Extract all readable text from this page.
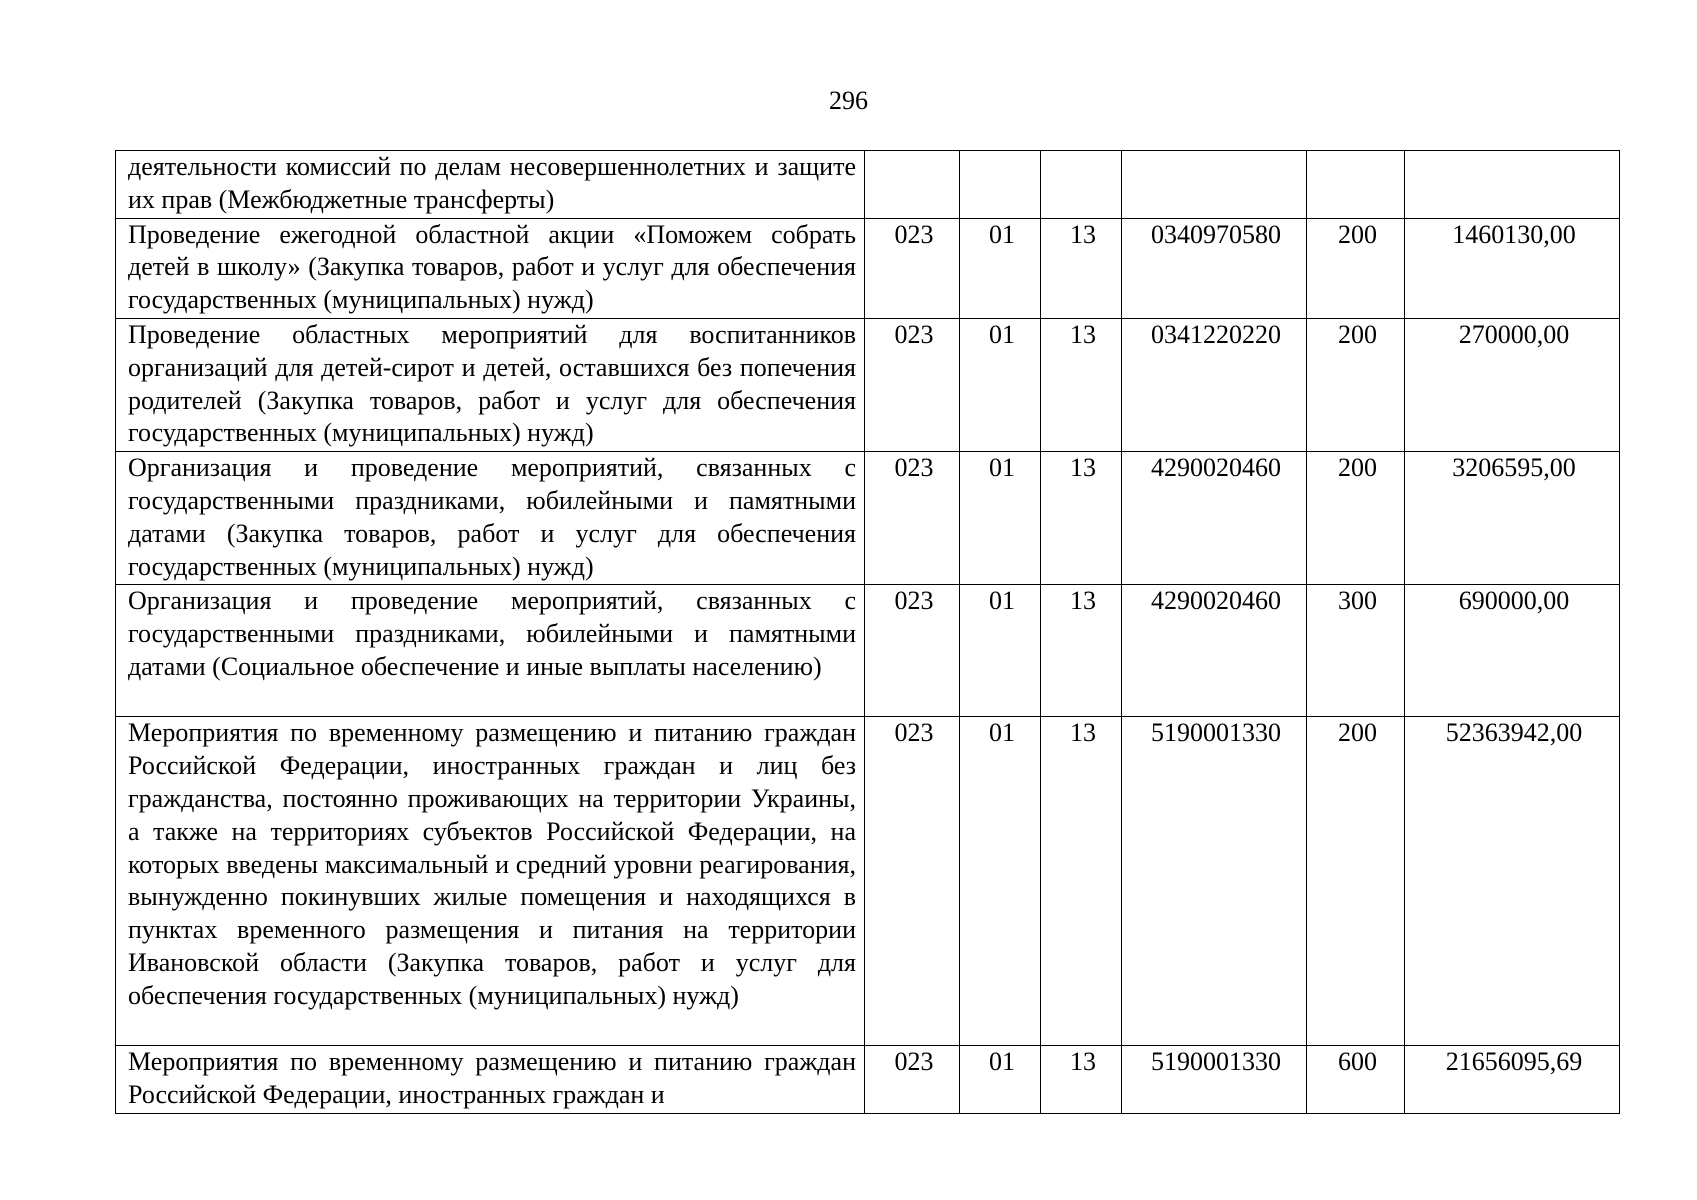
296
деятельности комиссий по делам несовершеннолетних и защите их прав (Межбюджетные трансферты)						
Проведение ежегодной областной акции «Поможем собрать детей в школу» (Закупка товаров, работ и услуг для обеспечения государственных (муниципальных) нужд)	023	01	13	0340970580	200	1460130,00
Проведение областных мероприятий для воспитанников организаций для детей-сирот и детей, оставшихся без попечения родителей (Закупка товаров, работ и услуг для обеспечения государственных (муниципальных) нужд)	023	01	13	0341220220	200	270000,00
Организация и проведение мероприятий, связанных с государственными праздниками, юбилейными и памятными датами (Закупка товаров, работ и услуг для обеспечения государственных (муниципальных) нужд)	023	01	13	4290020460	200	3206595,00
Организация и проведение мероприятий, связанных с государственными праздниками, юбилейными и памятными датами (Социальное обеспечение и иные выплаты населению)	023	01	13	4290020460	300	690000,00
Мероприятия по временному размещению и питанию граждан Российской Федерации, иностранных граждан и лиц без гражданства, постоянно проживающих на территории Украины, а также на территориях субъектов Российской Федерации, на которых введены максимальный и средний уровни реагирования, вынужденно покинувших жилые помещения и находящихся в пунктах временного размещения и питания на территории Ивановской области (Закупка товаров, работ и услуг для обеспечения государственных (муниципальных) нужд)	023	01	13	5190001330	200	52363942,00
Мероприятия по временному размещению и питанию граждан Российской Федерации, иностранных граждан и	023	01	13	5190001330	600	21656095,69
